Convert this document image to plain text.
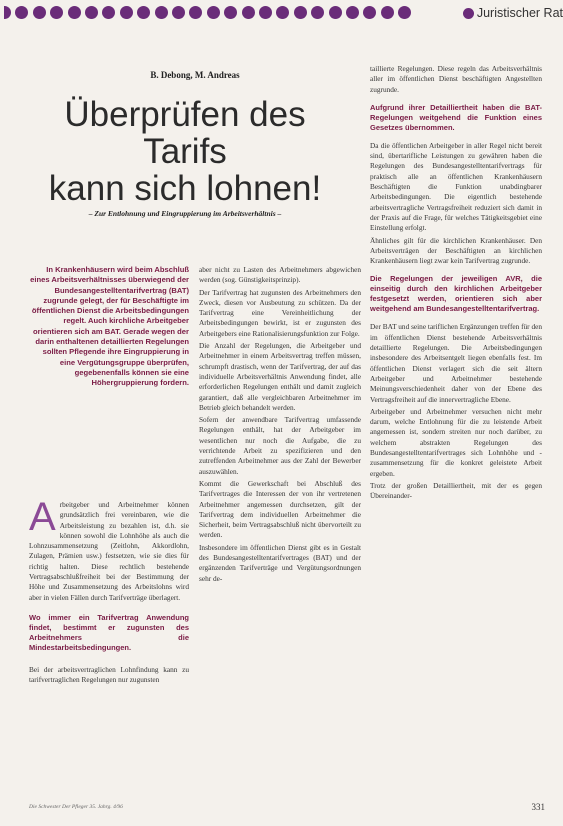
Juristischer Rat
B. Debong, M. Andreas
Überprüfen des Tarifs
kann sich lohnen!
– Zur Entlohnung und Eingruppierung im Arbeitsverhältnis –
In Krankenhäusern wird beim Abschluß eines Arbeitsverhältnisses überwiegend der Bundesangestelltentarifvertrag (BAT) zugrunde gelegt, der für Beschäftigte im öffentlichen Dienst die Arbeitsbedingungen regelt. Auch kirchliche Arbeitgeber orientieren sich am BAT. Gerade wegen der darin enthaltenen detaillierten Regelungen sollten Pflegende ihre Eingruppierung in eine Vergütungsgruppe überprüfen, gegebenenfalls können sie eine Höhergruppierung fordern.

Arbeitgeber und Arbeitnehmer können grundsätzlich frei vereinbaren, wie die Arbeitsleistung zu bezahlen ist, d.h. sie können sowohl die Lohnhöhe als auch die Lohnzusammensetzung (Zeitlohn, Akkordlohn, Zulagen, Prämien usw.) festsetzen, wie sie dies für richtig halten. Diese rechtlich bestehende Vertragsabschlußfreiheit bei der Bestimmung der Höhe und Zusammensetzung des Arbeitslohns wird aber in vielen Fällen durch Tarifverträge überlagert.

Wo immer ein Tarifvertrag Anwendung findet, bestimmt er zugunsten des Arbeitnehmers die Mindestarbeitsbedingungen.

Bei der arbeitsvertraglichen Lohnfindung kann zu tarifvertraglichen Regelungen nur zugunsten

aber nicht zu Lasten des Arbeitnehmers abgewichen werden (sog. Günstigkeitsprinzip).

Der Tarifvertrag hat zugunsten des Arbeitnehmers den Zweck, diesen vor Ausbeutung zu schützen. Da der Tarifvertrag eine Vereinheitlichung der Arbeitsbedingungen bewirkt, ist er zugunsten des Arbeitgebers eine Rationalisierungsfunktion zur Folge.

Die Anzahl der Regelungen, die Arbeitgeber und Arbeitnehmer in einem Arbeitsvertrag treffen müssen, schrumpft drastisch, wenn der Tarifvertrag, der auf das individuelle Arbeitsverhältnis Anwendung findet, alle erforderlichen Regelungen enthält und damit zugleich garantiert, daß alle vergleichbaren Arbeitnehmer im Betrieb gleich behandelt werden.

Sofern der anwendbare Tarifvertrag umfassende Regelungen enthält, hat der Arbeitgeber im wesentlichen nur noch die Aufgabe, die zu verrichtende Arbeit zu spezifizieren und den zutreffenden Arbeitnehmer aus der Zahl der Bewerber auszuwählen.

Kommt die Gewerkschaft bei Abschluß des Tarifvertrages die Interessen der von ihr vertretenen Arbeitnehmer angemessen durchsetzen, gilt der Tarifvertrag dem individuellen Arbeitnehmer die Sicherheit, beim Vertragsabschluß nicht übervorteilt zu werden.

Insbesondere im öffentlichen Dienst gibt es in Gestalt des Bundesangestelltentarifvertrages (BAT) und der ergänzenden Tarifverträge und Vergütungsordnungen sehr de-

taillierte Regelungen. Diese regeln das Arbeitsverhältnis aller im öffentlichen Dienst beschäftigten Angestellten zugrunde.

Aufgrund ihrer Detailliertheit haben die BAT-Regelungen weitgehend die Funktion eines Gesetzes übernommen.

Da die öffentlichen Arbeitgeber in aller Regel nicht bereit sind, übertarifliche Leistungen zu gewähren haben die Regelungen des Bundesangestelltentarifvertrags für praktisch alle an öffentlichen Krankenhäusern Beschäftigten die Funktion unabdingbarer Arbeitsbedingungen. Die eigentlich bestehende arbeitsvertragliche Vertragsfreiheit reduziert sich damit in der Praxis auf die Frage, für welches Tätigkeitsgebiet eine Einstellung erfolgt.

Ähnliches gilt für die kirchlichen Krankenhäuser. Den Arbeitsverträgen der Beschäftigten an kirchlichen Krankenhäusern liegt zwar kein Tarifvertrag zugrunde.

Die Regelungen der jeweiligen AVR, die einseitig durch den kirchlichen Arbeitgeber festgesetzt werden, orientieren sich aber weitgehend am Bundesangestelltentarifvertrag.

Der BAT und seine tariflichen Ergänzungen treffen für den im öffentlichen Dienst bestehende Arbeitsverhältnis detaillierte Regelungen. Die Arbeitsbedingungen insbesondere des Arbeitsentgelt liegen ebenfalls fest. Im öffentlichen Dienst verlagert sich die seit ältern Arbeitgeber und Arbeitnehmer bestehende Meinungsverschiedenheit daher von der Ebene des Vertragsfreiheit auf die innervertragliche Ebene.

Arbeitgeber und Arbeitnehmer versuchen nicht mehr darum, welche Entlohnung für die zu leistende Arbeit angemessen ist, sondern streiten nur noch darüber, zu welchem abstrakten Regelungen des Bundesangestelltentarifvertrages sich Lohnhöhe und -zusammensetzung für die konkret geleistete Arbeit ergeben.

Trotz der großen Detailliertheit, mit der es gegen Übereinander-

Die Schwester Der Pfleger 35. Jahrg. 4/96	331
